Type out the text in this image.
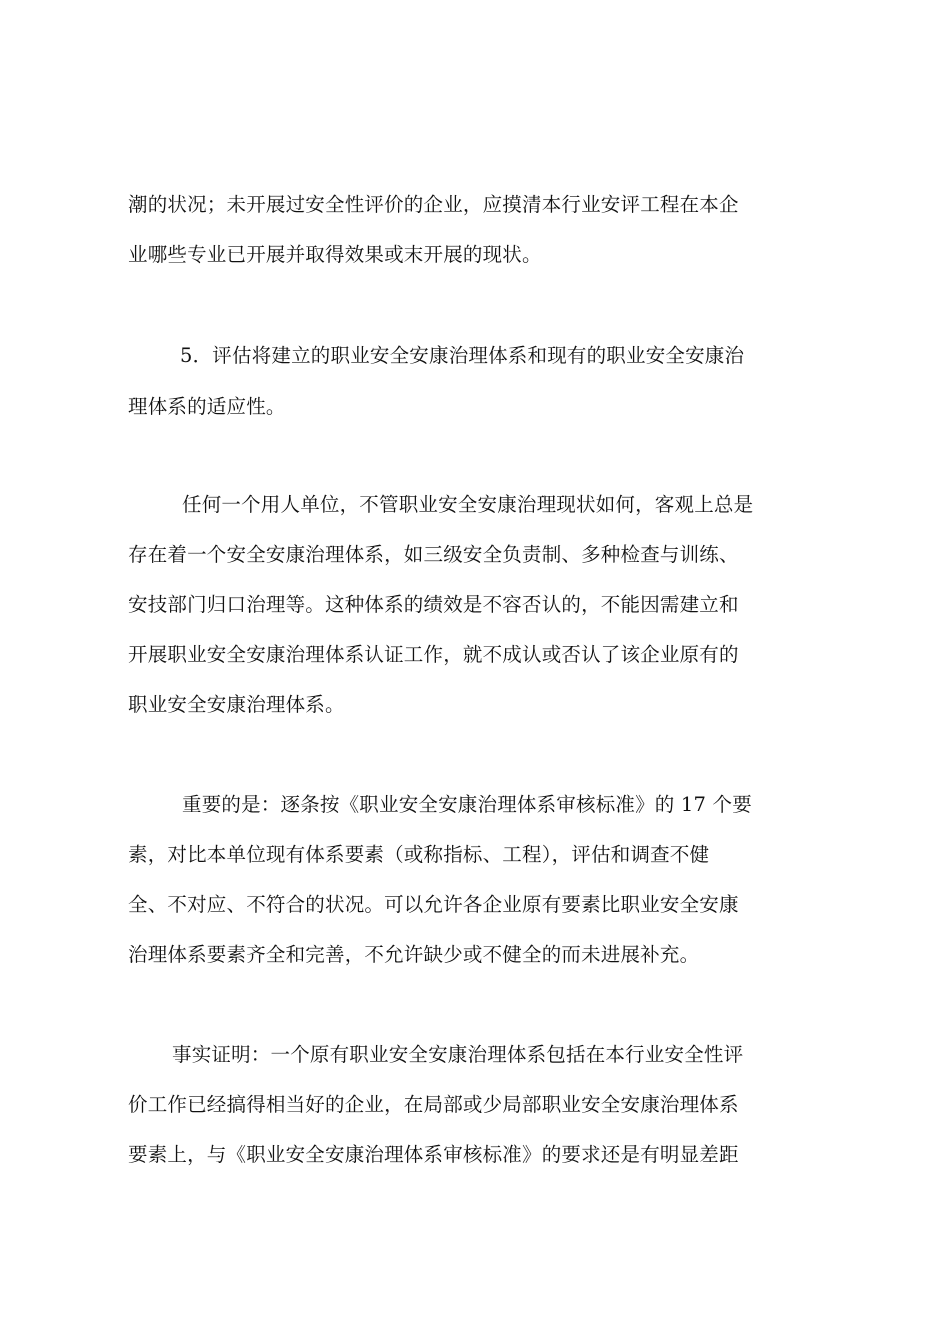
潮的状况；未开展过安全性评价的企业，应摸清本行业安评工程在本企
业哪些专业已开展并取得效果或末开展的现状。
5．评估将建立的职业安全安康治理体系和现有的职业安全安康治
理体系的适应性。
任何一个用人单位，不管职业安全安康治理现状如何，客观上总是
存在着一个安全安康治理体系，如三级安全负责制、多种检查与训练、
安技部门归口治理等。这种体系的绩效是不容否认的，不能因需建立和
开展职业安全安康治理体系认证工作，就不成认或否认了该企业原有的
职业安全安康治理体系。
重要的是：逐条按《职业安全安康治理体系审核标准》的 17 个要
素，对比本单位现有体系要素（或称指标、工程），评估和调查不健
全、不对应、不符合的状况。可以允许各企业原有要素比职业安全安康
治理体系要素齐全和完善，不允许缺少或不健全的而未进展补充。
事实证明：一个原有职业安全安康治理体系包括在本行业安全性评
价工作已经搞得相当好的企业，在局部或少局部职业安全安康治理体系
要素上，与《职业安全安康治理体系审核标准》的要求还是有明显差距
